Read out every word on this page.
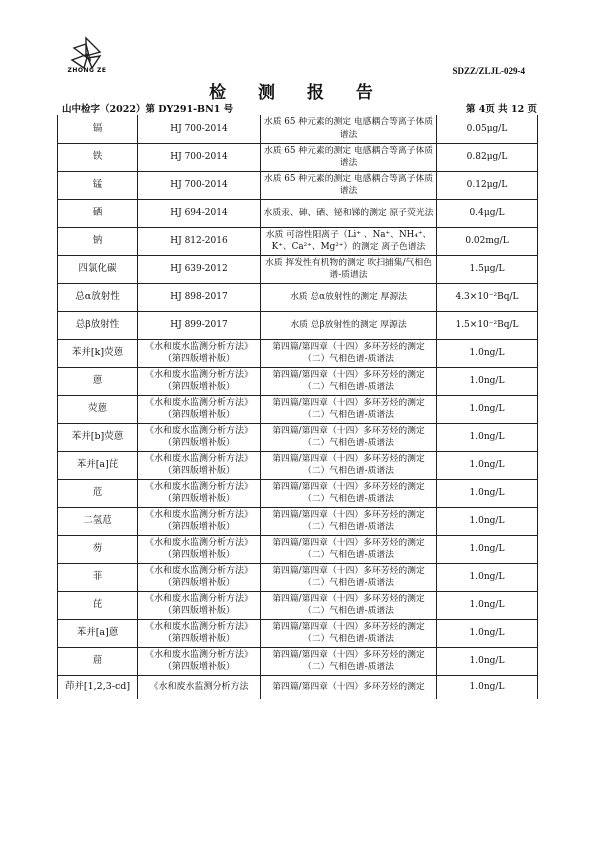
ZHONG ZE	SDZZ/ZLJL-029-4
检 测 报 告
山中检字（2022）第 DY291-BN1 号	第 4页 共 12 页
镉	HJ 700-2014	水质 65 种元素的测定 电感耦合等离子体质谱法	0.05μg/L
铁	HJ 700-2014	水质 65 种元素的测定 电感耦合等离子体质谱法	0.82μg/L
锰	HJ 700-2014	水质 65 种元素的测定 电感耦合等离子体质谱法	0.12μg/L
硒	HJ 694-2014	水质汞、砷、硒、铋和锑的测定 原子荧光法	0.4μg/L
钠	HJ 812-2016	水质 可溶性阳离子（Li⁺ 、Na⁺、NH₄⁺、K⁺、Ca²⁺、Mg²⁺）的测定 离子色谱法	0.02mg/L
四氯化碳	HJ 639-2012	水质 挥发性有机物的测定 吹扫捕集/气相色谱-质谱法	1.5μg/L
总α放射性	HJ 898-2017	水质 总α放射性的测定 厚源法	4.3×10⁻²Bq/L
总β放射性	HJ 899-2017	水质 总β放射性的测定 厚源法	1.5×10⁻²Bq/L
苯并[k]荧蒽	《水和废水监测分析方法》（第四版增补版）	第四篇/第四章（十四）多环芳烃的测定（二）气相色谱-质谱法	1.0ng/L
蒽	《水和废水监测分析方法》（第四版增补版）	第四篇/第四章（十四）多环芳烃的测定（二）气相色谱-质谱法	1.0ng/L
荧蒽	《水和废水监测分析方法》（第四版增补版）	第四篇/第四章（十四）多环芳烃的测定（二）气相色谱-质谱法	1.0ng/L
苯并[b]荧蒽	《水和废水监测分析方法》（第四版增补版）	第四篇/第四章（十四）多环芳烃的测定（二）气相色谱-质谱法	1.0ng/L
苯并[a]芘	《水和废水监测分析方法》（第四版增补版）	第四篇/第四章（十四）多环芳烃的测定（二）气相色谱-质谱法	1.0ng/L
苊	《水和废水监测分析方法》（第四版增补版）	第四篇/第四章（十四）多环芳烃的测定（二）气相色谱-质谱法	1.0ng/L
二氢苊	《水和废水监测分析方法》（第四版增补版）	第四篇/第四章（十四）多环芳烃的测定（二）气相色谱-质谱法	1.0ng/L
芴	《水和废水监测分析方法》（第四版增补版）	第四篇/第四章（十四）多环芳烃的测定（二）气相色谱-质谱法	1.0ng/L
菲	《水和废水监测分析方法》（第四版增补版）	第四篇/第四章（十四）多环芳烃的测定（二）气相色谱-质谱法	1.0ng/L
芘	《水和废水监测分析方法》（第四版增补版）	第四篇/第四章（十四）多环芳烃的测定（二）气相色谱-质谱法	1.0ng/L
苯并[a]蒽	《水和废水监测分析方法》（第四版增补版）	第四篇/第四章（十四）多环芳烃的测定（二）气相色谱-质谱法	1.0ng/L
䓛	《水和废水监测分析方法》（第四版增补版）	第四篇/第四章（十四）多环芳烃的测定（二）气相色谱-质谱法	1.0ng/L
茚并[1,2,3-cd]	《水和废水监测分析方法	第四篇/第四章（十四）多环芳烃的测定	1.0ng/L
